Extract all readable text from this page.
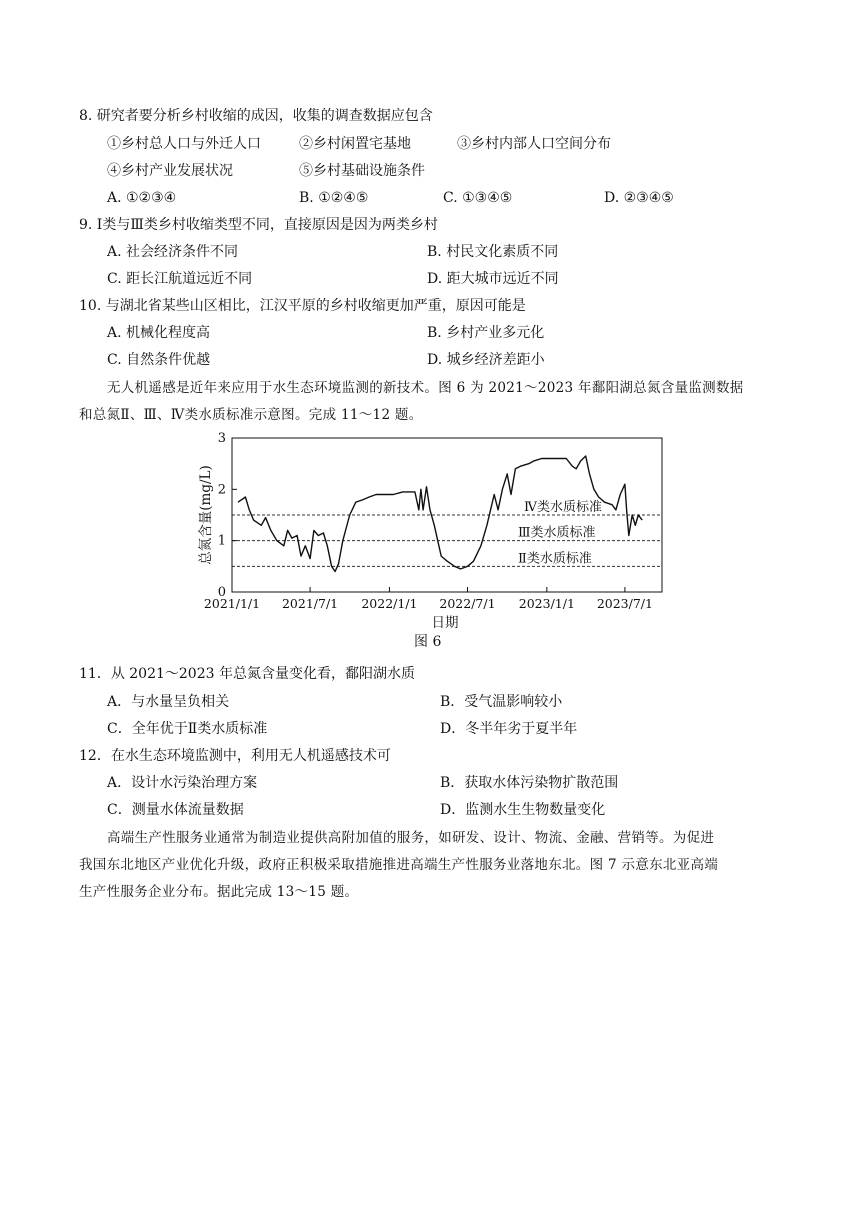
8. 研究者要分析乡村收缩的成因，收集的调查数据应包含
①乡村总人口与外迁人口	②乡村闲置宅基地	③乡村内部人口空间分布
④乡村产业发展状况	⑤乡村基础设施条件
A. ①②③④	B. ①②④⑤	C. ①③④⑤	D. ②③④⑤
9. Ⅰ类与Ⅲ类乡村收缩类型不同，直接原因是因为两类乡村
A. 社会经济条件不同	B. 村民文化素质不同
C. 距长江航道远近不同	D. 距大城市远近不同
10. 与湖北省某些山区相比，江汉平原的乡村收缩更加严重，原因可能是
A. 机械化程度高	B. 乡村产业多元化
C. 自然条件优越	D. 城乡经济差距小
无人机遥感是近年来应用于水生态环境监测的新技术。图 6 为 2021～2023 年鄱阳湖总氮含量监测数据
和总氮Ⅱ、Ⅲ、Ⅳ类水质标准示意图。完成 11～12 题。
Ⅳ类水质标准
Ⅲ类水质标准
Ⅱ类水质标准
0
1
2
3
2021/1/1 2021/7/1 2022/1/1 2022/7/1 2023/1/1 2023/7/1
日期
总氮含量(mg/L)
图 6
11．从 2021～2023 年总氮含量变化看，鄱阳湖水质
A．与水量呈负相关	B．受气温影响较小
C．全年优于Ⅱ类水质标准	D．冬半年劣于夏半年
12．在水生态环境监测中，利用无人机遥感技术可
A．设计水污染治理方案	B．获取水体污染物扩散范围
C．测量水体流量数据	D．监测水生生物数量变化
高端生产性服务业通常为制造业提供高附加值的服务，如研发、设计、物流、金融、营销等。为促进
我国东北地区产业优化升级，政府正积极采取措施推进高端生产性服务业落地东北。图 7 示意东北亚高端
生产性服务企业分布。据此完成 13～15 题。
